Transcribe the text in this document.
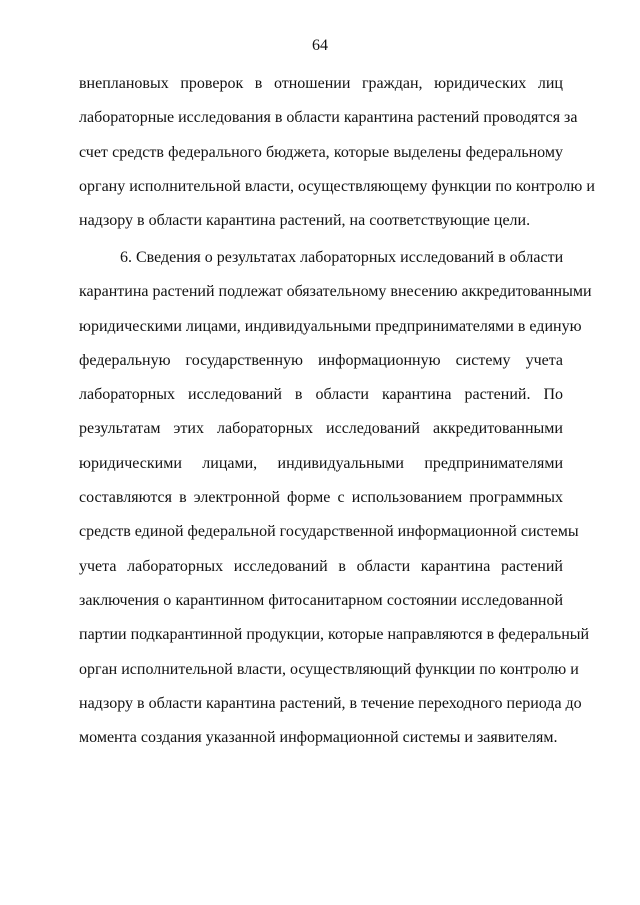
64
внеплановых проверок в отношении граждан, юридических лиц
лабораторные исследования в области карантина растений проводятся за
счет средств федерального бюджета, которые выделены федеральному
органу исполнительной власти, осуществляющему функции по контролю и
надзору в области карантина растений, на соответствующие цели.
6. Сведения о результатах лабораторных исследований в области
карантина растений подлежат обязательному внесению аккредитованными
юридическими лицами, индивидуальными предпринимателями в единую
федеральную государственную информационную систему учета
лабораторных исследований в области карантина растений. По
результатам этих лабораторных исследований аккредитованными
юридическими лицами, индивидуальными предпринимателями
составляются в электронной форме с использованием программных
средств единой федеральной государственной информационной системы
учета лабораторных исследований в области карантина растений
заключения о карантинном фитосанитарном состоянии исследованной
партии подкарантинной продукции, которые направляются в федеральный
орган исполнительной власти, осуществляющий функции по контролю и
надзору в области карантина растений, в течение переходного периода до
момента создания указанной информационной системы и заявителям.
